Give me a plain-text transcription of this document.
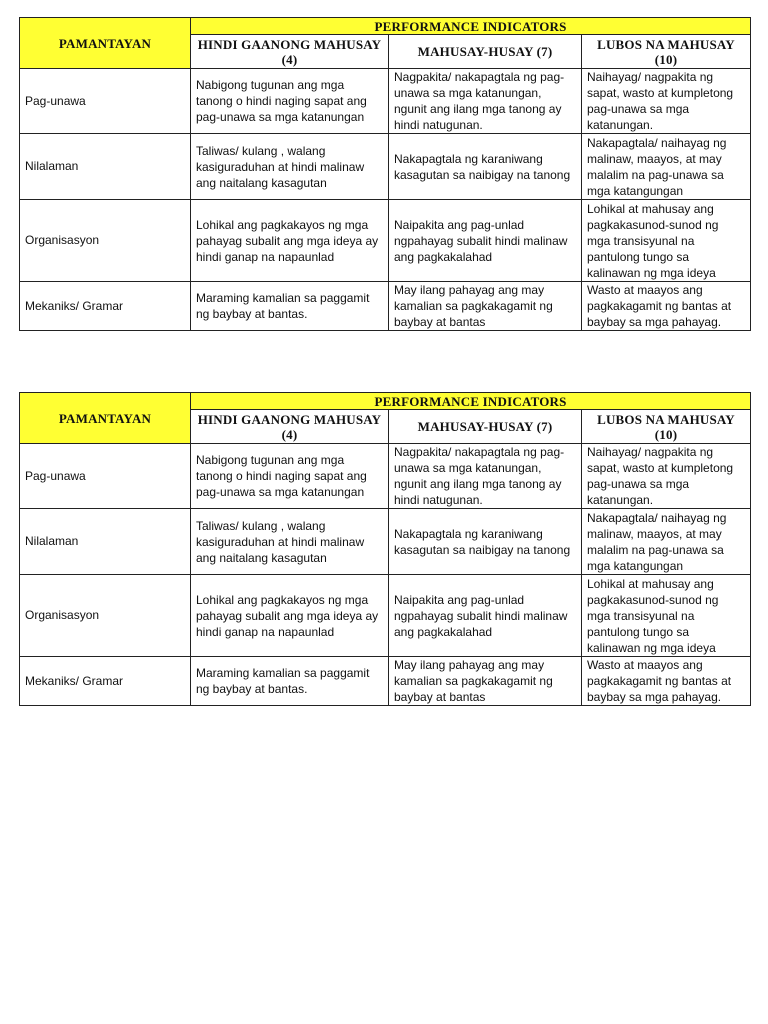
PAMANTAYAN	PERFORMANCE INDICATORS		
	HINDI GAANONG MAHUSAY (4)	MAHUSAY-HUSAY (7)	LUBOS NA MAHUSAY (10)
Pag-unawa	Nabigong tugunan ang mga tanong o hindi naging sapat ang pag-unawa sa mga katanungan	Nagpakita/ nakapagtala ng pag-unawa sa mga katanungan, ngunit ang ilang mga tanong ay hindi natugunan.	Naihayag/ nagpakita ng sapat, wasto at kumpletong pag-unawa sa mga katanungan.
Nilalaman	Taliwas/ kulang , walang kasiguraduhan at hindi malinaw ang naitalang kasagutan	Nakapagtala ng karaniwang kasagutan sa naibigay na tanong	Nakapagtala/ naihayag ng malinaw, maayos, at may malalim na pag-unawa sa mga katangungan
Organisasyon	Lohikal ang pagkakayos ng mga pahayag subalit ang mga ideya ay hindi ganap na napaunlad	Naipakita ang pag-unlad ngpahayag subalit hindi malinaw ang pagkakalahad	Lohikal at mahusay ang pagkakasunod-sunod ng mga transisyunal na pantulong tungo sa kalinawan ng mga ideya
Mekaniks/ Gramar	Maraming kamalian sa paggamit ng baybay at bantas.	May ilang pahayag ang may kamalian sa pagkakagamit ng baybay at bantas	Wasto at maayos ang pagkakagamit ng bantas at baybay sa mga pahayag.
PAMANTAYAN	PERFORMANCE INDICATORS		
	HINDI GAANONG MAHUSAY (4)	MAHUSAY-HUSAY (7)	LUBOS NA MAHUSAY (10)
Pag-unawa	Nabigong tugunan ang mga tanong o hindi naging sapat ang pag-unawa sa mga katanungan	Nagpakita/ nakapagtala ng pag-unawa sa mga katanungan, ngunit ang ilang mga tanong ay hindi natugunan.	Naihayag/ nagpakita ng sapat, wasto at kumpletong pag-unawa sa mga katanungan.
Nilalaman	Taliwas/ kulang , walang kasiguraduhan at hindi malinaw ang naitalang kasagutan	Nakapagtala ng karaniwang kasagutan sa naibigay na tanong	Nakapagtala/ naihayag ng malinaw, maayos, at may malalim na pag-unawa sa mga katangungan
Organisasyon	Lohikal ang pagkakayos ng mga pahayag subalit ang mga ideya ay hindi ganap na napaunlad	Naipakita ang pag-unlad ngpahayag subalit hindi malinaw ang pagkakalahad	Lohikal at mahusay ang pagkakasunod-sunod ng mga transisyunal na pantulong tungo sa kalinawan ng mga ideya
Mekaniks/ Gramar	Maraming kamalian sa paggamit ng baybay at bantas.	May ilang pahayag ang may kamalian sa pagkakagamit ng baybay at bantas	Wasto at maayos ang pagkakagamit ng bantas at baybay sa mga pahayag.
